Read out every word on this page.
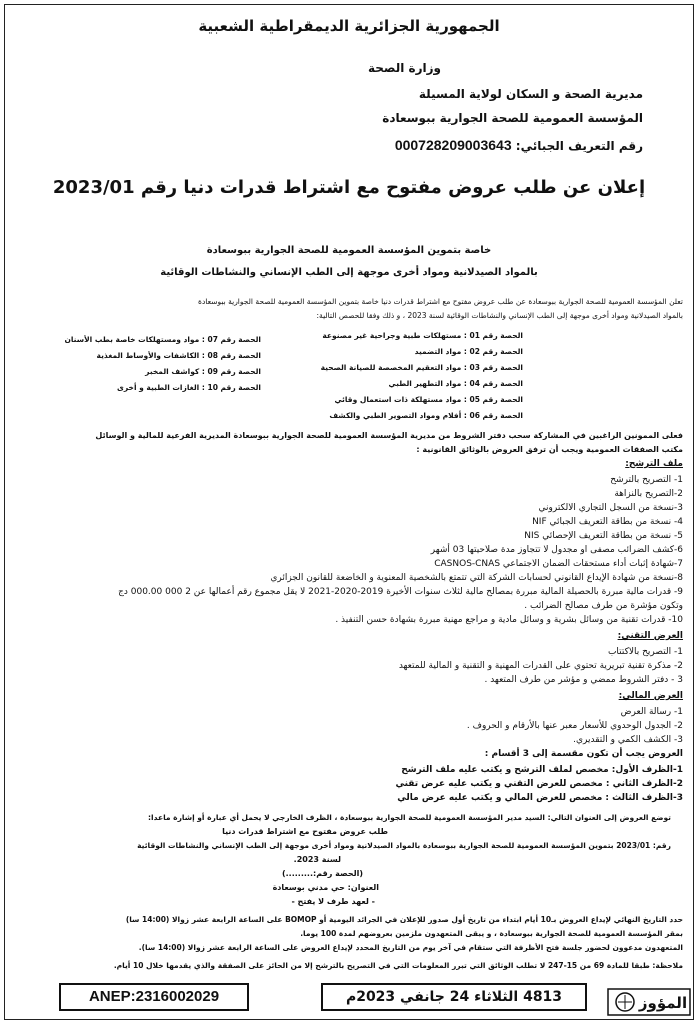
الجمهورية الجزائرية الديمقراطية الشعبية
وزارة الصحة
مديرية الصحة و السكان لولاية المسيلة
المؤسسة العمومية للصحة الجوارية ببوسعادة
رقم التعريف الجبائي: 000728209003643
إعلان عن طلب عروض مفتوح مع اشتراط قدرات دنيا رقم 2023/01
خاصة بتموين المؤسسة العمومية للصحة الجوارية ببوسعادة
بالمواد الصيدلانية ومواد أخرى موجهة إلى الطب الإنساني والنشاطات الوقائية
تعلن المؤسسة العمومية للصحة الجوارية ببوسعادة عن طلب عروض مفتوح مع اشتراط قدرات دنيا خاصة بتموين المؤسسة العمومية للصحة الجوارية ببوسعادة
بالمواد الصيدلانية ومواد أخرى موجهة إلى الطب الإنساني والنشاطات الوقائية لسنة 2023 ، و ذلك وفقا للحصص التالية:
الحصة رقم 01 : مستهلكات طبية وجراحية غير مصنوعة
الحصة رقم 02 : مواد التضميد
الحصة رقم 03 : مواد التعقيم المخصصة للصيانة الصحية
الحصة رقم 04 : مواد التطهير الطبي
الحصة رقم 05 : مواد مستهلكة ذات استعمال وقائي
الحصة رقم 06 : أفلام ومواد التصوير الطبي والكشف
الحصة رقم 07 : مواد ومستهلكات خاصة بطب الأسنان
الحصة رقم 08 : الكاشفات والأوساط المغذية
الحصة رقم 09 : كواشف المخبر
الحصة رقم 10 : الغازات الطبية و أخرى
فعلى الممونين الراغبين في المشاركة سحب دفتر الشروط من مديرية المؤسسة العمومية للصحة الجوارية ببوسعادة المديرية الفرعية للمالية و الوسائل
مكتب الصفقات العمومية ويجب أن ترفق العروض بالوثائق القانونية :
ملف الترشح:
1- التصريح بالترشح
2-التصريح بالنزاهة
3-نسخة من السجل التجاري الالكتروني
4- نسخة من بطاقة التعريف الجبائي NIF
5- نسخة من بطاقة التعريف الإحصائي NIS
6-كشف الضرائب مصفى او مجدول لا تتجاوز مدة صلاحيتها 03 أشهر
7-شهادة إثبات أداء مستحقات الضمان الاجتماعي CASNOS-CNAS
8-نسخة من شهادة الإيداع القانوني لحسابات الشركة التي تتمتع بالشخصية المعنوية و الخاضعة للقانون الجزائري
9- قدرات مالية مبررة بالحصيلة المالية مبررة بمصالح مالية لثلاث سنوات الأخيرة 2019-2020-2021 لا يقل مجموع رقم أعمالها عن 2 000 000.00 دج
وتكون مؤشرة من طرف مصالح الضرائب .
10- قدرات تقنية من وسائل بشرية و وسائل مادية و مراجع مهنية مبررة بشهادة حسن التنفيذ .
العرض التقني:
1- التصريح بالاكتتاب
2- مذكرة تقنية تبريرية تحتوي على القدرات المهنية و التقنية و المالية للمتعهد
3 - دفتر الشروط ممضي و مؤشر من طرف المتعهد .
العرض المالي:
1- رسالة العرض
2- الجدول الوحدوي للأسعار معبر عنها بالأرقام و الحروف .
3- الكشف الكمي و التقديري.
العروض يجب أن تكون مقسمة إلى 3 أقسام :
1-الظرف الأول: مخصص لملف الترشح و يكتب عليه ملف الترشح
2-الظرف الثاني : مخصص للعرض التقني و يكتب عليه عرض تقني
3-الظرف الثالث : مخصص للعرض المالي و يكتب عليه عرض مالي
توضع العروض إلى العنوان التالي: السيد مدير المؤسسة العمومية للصحة الجوارية ببوسعادة ، الظرف الخارجي لا يحمل أي عبارة أو إشارة ماعدا:
طلب عروض مفتوح مع اشتراط قدرات دنيا
رقم: 2023/01 بتموين المؤسسة العمومية للصحة الجوارية ببوسعادة بالمواد الصيدلانية ومواد أخرى موجهة إلى الطب الإنساني والنشاطات الوقائية
لسنة 2023.
(الحصة رقم:.........)
العنوان: حي مدني بوسعادة
- لعهد طرف لا يفتح -
حدد التاريخ النهائي لإيداع العروض بـ10 أيام ابتداء من تاريخ أول صدور للإعلان في الجرائد اليومية أو BOMOP على الساعة الرابعة عشر زوالا (14:00 سا)
بمقر المؤسسة العمومية للصحة الجوارية ببوسعادة ، و يبقى المتعهدون ملزمين بعروضهم لمدة 100 يوما.
المتعهدون مدعوون لحضور جلسة فتح الأظرفة التي ستقام في آخر يوم من التاريخ المحدد لإيداع العروض على الساعة الرابعة عشر زوالا (14:00 سا).
ملاحظة: طبقا للمادة 69 من 15-247 لا تطلب الوثائق التي تبرر المعلومات التي في التصريح بالترشح إلا من الحائز على الصفقة والذي يقدمها خلال 10 أيام.
ANEP:2316002029	4813 الثلاثاء 24 جانفي 2023م	المؤوز
